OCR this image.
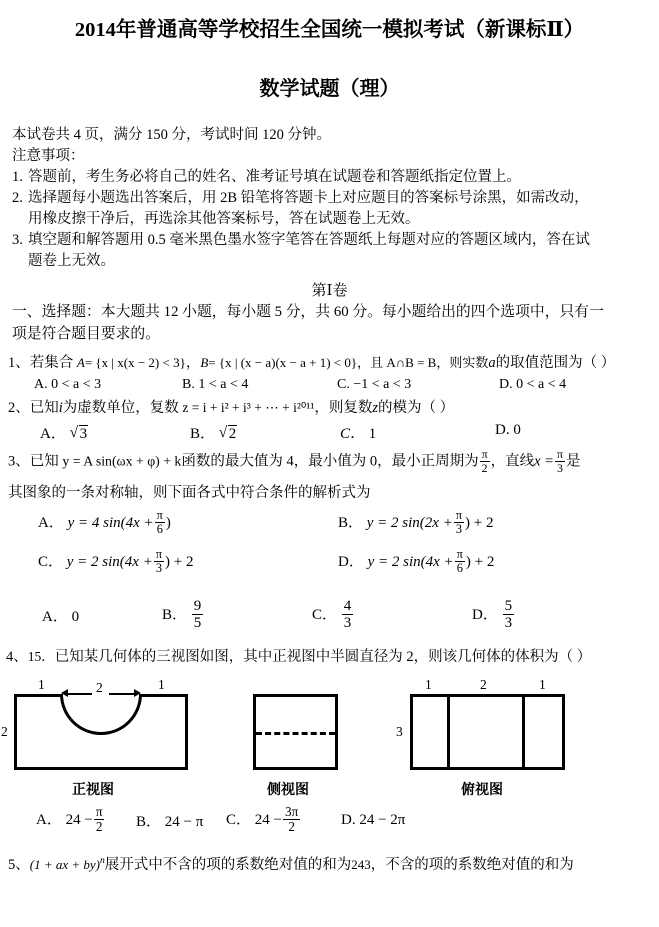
2014年普通高等学校招生全国统一模拟考试（新课标Ⅱ）
数学试题（理）
本试卷共 4 页，满分 150 分，考试时间 120 分钟。
注意事项：
1. 答题前，考生务必将自己的姓名、准考证号填在试题卷和答题纸指定位置上。
2. 选择题每小题选出答案后，用 2B 铅笔将答题卡上对应题目的答案标号涂黑，如需改动，
用橡皮擦干净后，再选涂其他答案标号，答在试题卷上无效。
3. 填空题和解答题用 0.5 毫米黑色墨水签字笔答在答题纸上每题对应的答题区域内，答在试
题卷上无效。
第Ⅰ卷
一、选择题：本大题共 12 小题，每小题 5 分，共 60 分。每小题给出的四个选项中，只有一
项是符合题目要求的。
1、若集合 A= {x | x(x − 2) < 3}，B= {x | (x − a)(x − a + 1) < 0}，且 A∩B = B，则实数a的取值范围为（ ）
A. 0 < a < 3	B. 1 < a < 4	C. −1 < a < 3	D. 0 < a < 4
2、已知i为虚数单位，复数 z = i + i² + i³ + ⋯ + i²⁰¹¹，则复数z的模为（ ）
A． √ 3	B． √ 2	C． 1	D. 0
3、已知 y = A sin(ωx + φ) + k函数的最大值为 4，最小值为 0，最小正周期为 $\frac{\pi}{2}$ ，直线$x = \frac{\pi}{3}$ 是
其图象的一条对称轴，则下面各式中符合条件的解析式为
A． y = 4 $\sin(4x + \frac{\pi}{6}$ )	B． y = 2 $\sin(2x + \frac{\pi}{3}$ ) + 2
C． y = 2 $\sin(4x + \frac{\pi}{3}$ ) + 2	D． y = 2 $\sin(4x + \frac{\pi}{6}$ ) + 2
A． 0	B． $\frac{9}{5}$	C． $\frac{4}{3}$	D． $\frac{5}{3}$
4、15．已知某几何体的三视图如图，其中正视图中半圆直径为 2，则该几何体的体积为（ ）
1	2	1
2
正视图	侧视图
1	2	1
3
俯视图
A． $24 - \frac{\pi}{2}$ B． 24 − π	C． $24 - \frac{3\pi}{2}$	D. 24 − 2π
5、(1 + ax + by)$^n$展开式中不含的项的系数绝对值的和为243，不含的项的系数绝对值的和为
